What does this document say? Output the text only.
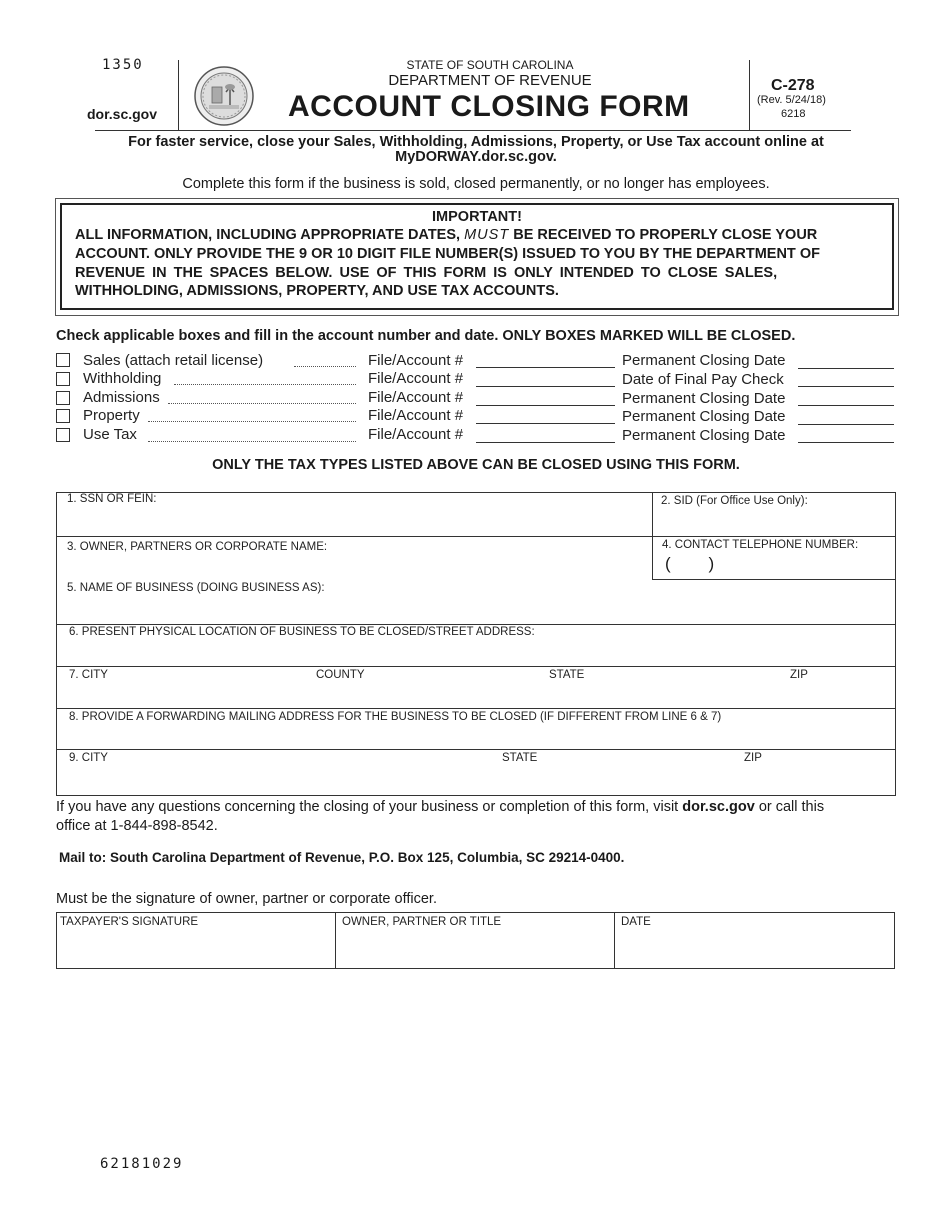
1350
dor.sc.gov
STATE OF SOUTH CAROLINA
DEPARTMENT OF REVENUE
ACCOUNT CLOSING FORM
C-278
(Rev. 5/24/18)
6218
For faster service, close your Sales, Withholding, Admissions, Property, or Use Tax account online at
MyDORWAY.dor.sc.gov.
Complete this form if the business is sold, closed permanently, or no longer has employees.
IMPORTANT!
ALL INFORMATION, INCLUDING APPROPRIATE DATES, MUST BE RECEIVED TO PROPERLY CLOSE YOUR
ACCOUNT. ONLY PROVIDE THE 9 OR 10 DIGIT FILE NUMBER(S) ISSUED TO YOU BY THE DEPARTMENT OF
REVENUE IN THE SPACES BELOW. USE OF THIS FORM IS ONLY INTENDED TO CLOSE SALES,
WITHHOLDING, ADMISSIONS, PROPERTY, AND USE TAX ACCOUNTS.
Check applicable boxes and fill in the account number and date. ONLY BOXES MARKED WILL BE CLOSED.
Sales (attach retail license)	File/Account #	Permanent Closing Date
Withholding	File/Account #	Date of Final Pay Check
Admissions	File/Account #	Permanent Closing Date
Property	File/Account #	Permanent Closing Date
Use Tax	File/Account #	Permanent Closing Date
ONLY THE TAX TYPES LISTED ABOVE CAN BE CLOSED USING THIS FORM.
1. SSN OR FEIN:	2. SID (For Office Use Only):
3. OWNER, PARTNERS OR CORPORATE NAME:	4. CONTACT TELEPHONE NUMBER:
(        )
5. NAME OF BUSINESS (DOING BUSINESS AS):
6. PRESENT PHYSICAL LOCATION OF BUSINESS TO BE CLOSED/STREET ADDRESS:
7. CITY	COUNTY	STATE	ZIP
8. PROVIDE A FORWARDING MAILING ADDRESS FOR THE BUSINESS TO BE CLOSED (IF DIFFERENT FROM LINE 6 & 7)
9. CITY	STATE	ZIP
If you have any questions concerning the closing of your business or completion of this form, visit dor.sc.gov or call this
office at 1-844-898-8542.
Mail to: South Carolina Department of Revenue, P.O. Box 125, Columbia, SC 29214-0400.
Must be the signature of owner, partner or corporate officer.
TAXPAYER'S SIGNATURE	OWNER, PARTNER OR TITLE	DATE
62181029
